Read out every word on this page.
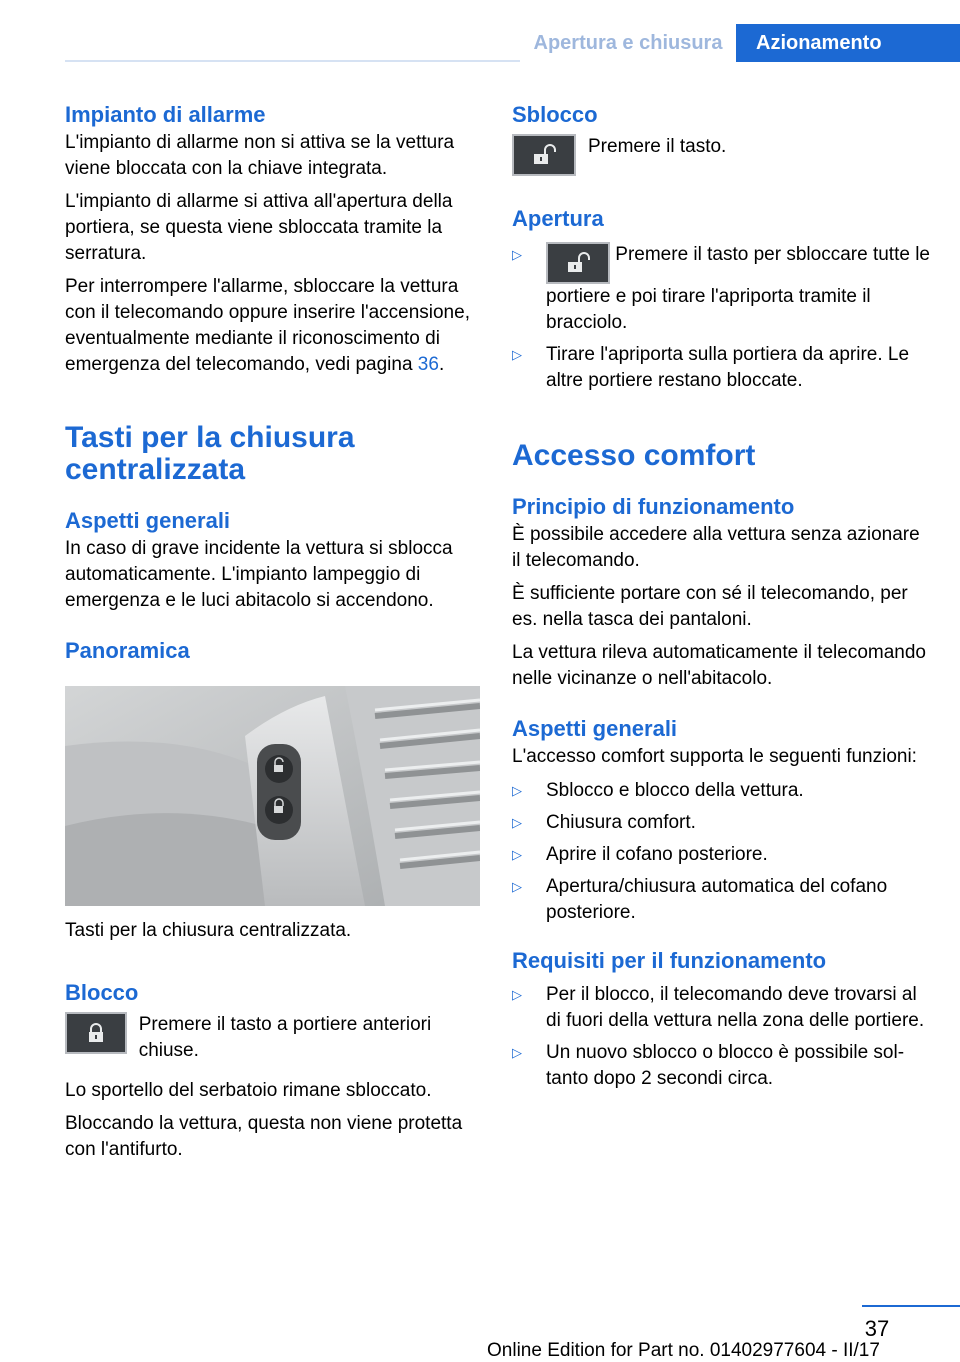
Apertura e chiusura	Azionamento
Impianto di allarme

L'impianto di allarme non si attiva se la vettura viene bloccata con la chiave integrata.

L'impianto di allarme si attiva all'apertura della portiera, se questa viene sbloccata tramite la serratura.

Per interrompere l'allarme, sbloccare la vettura con il telecomando oppure inserire l'accensione, eventualmente mediante il riconoscimento di emergenza del telecomando, vedi pagina 36.

Tasti per la chiusura centralizzata
Aspetti generali

In caso di grave incidente la vettura si sblocca automaticamente. L'impianto lampeggio di emergenza e le luci abitacolo si accendono.

Panoramica

Tasti per la chiusura centralizzata.

Blocco

Premere il tasto a portiere anteriori chiuse.

Lo sportello del serbatoio rimane sbloccato.

Bloccando la vettura, questa non viene protetta con l'antifurto.

Sblocco

Premere il tasto.

Apertura
▷	Premere il tasto per sbloccare tutte le portiere e poi tirare l'apriporta tramite il bracciolo.
▷	Tirare l'apriporta sulla portiera da aprire. Le altre portiere restano bloccate.
Accesso comfort
Principio di funzionamento

È possibile accedere alla vettura senza azionare il telecomando.

È sufficiente portare con sé il telecomando, per es. nella tasca dei pantaloni.

La vettura rileva automaticamente il telecomando nelle vicinanze o nell'abitacolo.

Aspetti generali

L'accesso comfort supporta le seguenti funzioni:

▷	Sblocco e blocco della vettura.
▷	Chiusura comfort.
▷	Aprire il cofano posteriore.
▷	Apertura/chiusura automatica del cofano posteriore.
Requisiti per il funzionamento
▷	Per il blocco, il telecomando deve trovarsi al di fuori della vettura nella zona delle portiere.
▷	Un nuovo sblocco o blocco è possibile soltanto dopo 2 secondi circa.
37
Online Edition for Part no. 01402977604 - II/17
